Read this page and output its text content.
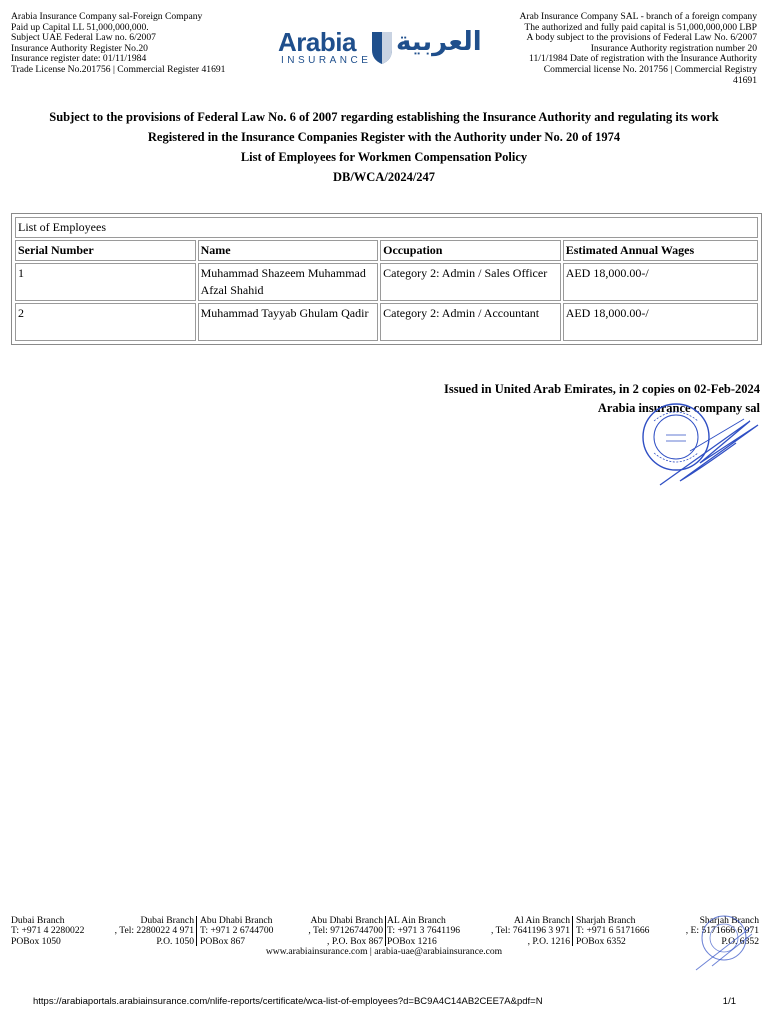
Arabia Insurance Company sal-Foreign Company
Paid up Capital LL 51,000,000,000.
Subject UAE Federal Law no. 6/2007
Insurance Authority Register No.20
Insurance register date: 01/11/1984
Trade License No.201756 | Commercial Register 41691
Arabia
INSURANCE
العربية
Arab Insurance Company SAL - branch of a foreign company
The authorized and fully paid capital is 51,000,000,000 LBP
A body subject to the provisions of Federal Law No. 6/2007
Insurance Authority registration number 20
11/1/1984 Date of registration with the Insurance Authority
Commercial license No. 201756 | Commercial Registry
41691
Subject to the provisions of Federal Law No. 6 of 2007 regarding establishing the Insurance Authority and regulating its work
Registered in the Insurance Companies Register with the Authority under No. 20 of 1974
List of Employees for Workmen Compensation Policy
DB/WCA/2024/247
List of Employees			
Serial Number	Name	Occupation	Estimated Annual Wages
1	Muhammad Shazeem Muhammad Afzal Shahid	Category 2: Admin / Sales Officer	AED 18,000.00-/
2	Muhammad Tayyab Ghulam Qadir	Category 2: Admin / Accountant	AED 18,000.00-/
Issued in United Arab Emirates, in 2 copies on 02-Feb-2024
Arabia insurance company sal
Dubai Branch
T: +971 4 2280022
POBox 1050
Dubai Branch
, Tel: 2280022 4 971
P.O. 1050
Abu Dhabi Branch
T: +971 2 6744700
POBox 867
Abu Dhabi Branch
, Tel: 97126744700
, P.O. Box 867
AL Ain Branch
T: +971 3 7641196
POBox 1216
Al Ain Branch
, Tel: 7641196 3 971
, P.O. 1216
Sharjah Branch
T: +971 6 5171666
POBox 6352
Sharjah Branch
, E: 5171666 6 971
P.O. 6352
www.arabiainsurance.com | arabia-uae@arabiainsurance.com
https://arabiaportals.arabiainsurance.com/nlife-reports/certificate/wca-list-of-employees?d=BC9A4C14AB2CEE7A&pdf=N	1/1
